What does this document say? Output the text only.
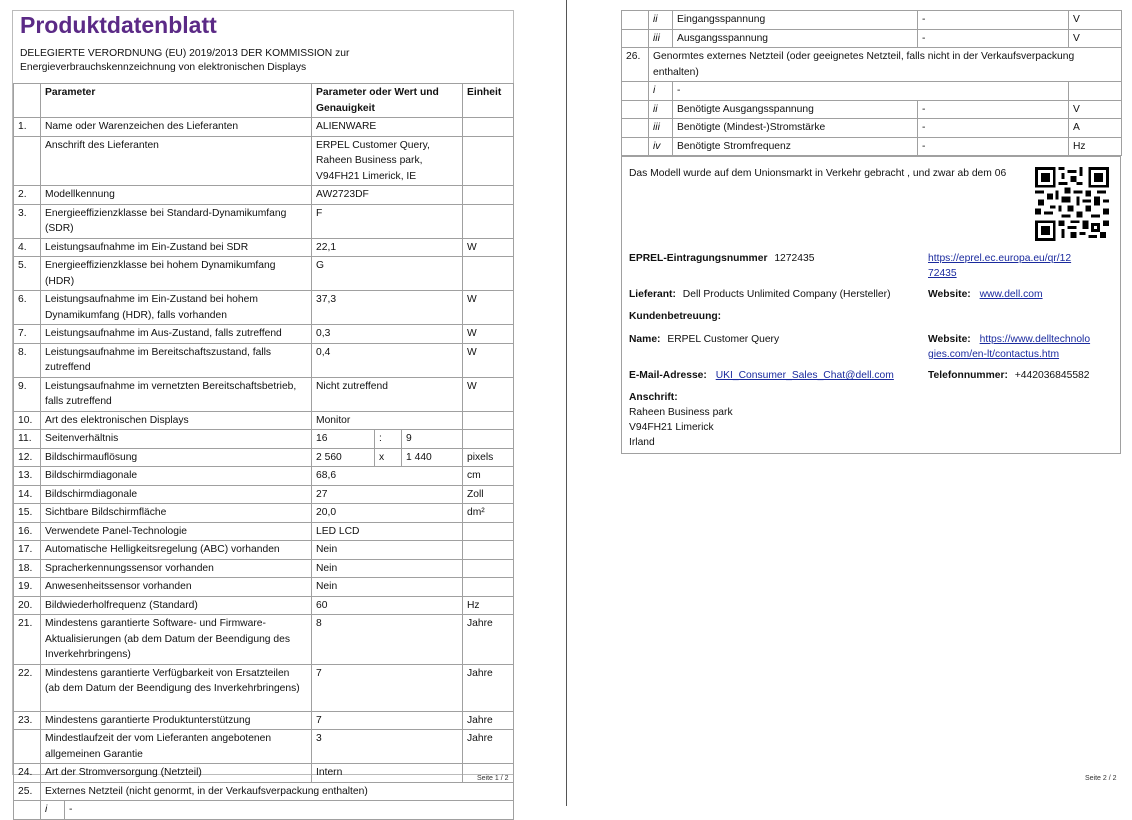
Produktdatenblatt
DELEGIERTE VERORDNUNG (EU) 2019/2013 DER KOMMISSION zur Energieverbrauchskennzeichnung von elektronischen Displays
	Parameter		Parameter oder Wert und Genauigkeit			Einheit
1.	Name oder Warenzeichen des Lieferanten		ALIENWARE			
	Anschrift des Lieferanten		ERPEL Customer Query, Raheen Business park, V94FH21 Limerick, IE			
2.	Modellkennung		AW2723DF			
3.	Energieeffizienzklasse bei Standard-Dynamikumfang (SDR)		F			
4.	Leistungsaufnahme im Ein-Zustand bei SDR		22,1			W
5.	Energieeffizienzklasse bei hohem Dynamikumfang (HDR)		G			
6.	Leistungsaufnahme im Ein-Zustand bei hohem Dynamikumfang (HDR), falls vorhanden		37,3			W
7.	Leistungsaufnahme im Aus-Zustand, falls zutreffend		0,3			W
8.	Leistungsaufnahme im Bereitschaftszustand, falls zutreffend		0,4			W
9.	Leistungsaufnahme im vernetzten Bereitschaftsbetrieb, falls zutreffend		Nicht zutreffend			W
10.	Art des elektronischen Displays		Monitor			
11.	Seitenverhältnis		16	:	9	
12.	Bildschirmauflösung		2 560	x	1 440	pixels
13.	Bildschirmdiagonale		68,6			cm
14.	Bildschirmdiagonale		27			Zoll
15.	Sichtbare Bildschirmfläche		20,0			dm²
16.	Verwendete Panel-Technologie		LED LCD			
17.	Automatische Helligkeitsregelung (ABC) vorhanden		Nein			
18.	Spracherkennungssensor vorhanden		Nein			
19.	Anwesenheitssensor vorhanden		Nein			
20.	Bildwiederholfrequenz (Standard)		60			Hz
21.	Mindestens garantierte Software- und Firmware-Aktualisierungen (ab dem Datum der Beendigung des Inverkehrbringens)		8			Jahre
22.	Mindestens garantierte Verfügbarkeit von Ersatzteilen (ab dem Datum der Beendigung des Inverkehrbringens)		7			Jahre
23.	Mindestens garantierte Produktunterstützung		7			Jahre
	Mindestlaufzeit der vom Lieferanten angebotenen allgemeinen Garantie		3			Jahre
24.	Art der Stromversorgung (Netzteil)		Intern			
25.	Externes Netzteil (nicht genormt, in der Verkaufsverpackung enthalten)					
	i	-				
Seite 1 / 2
	ii	Eingangsspannung	-	V
	iii	Ausgangsspannung	-	V
26.	Genormtes externes Netzteil (oder geeignetes Netzteil, falls nicht in der Verkaufsverpackung enthalten)			
	i	-		
	ii	Benötigte Ausgangsspannung	-	V
	iii	Benötigte (Mindest-)Stromstärke	-	A
	iv	Benötigte Stromfrequenz	-	Hz
Das Modell wurde auf dem Unionsmarkt in Verkehr gebracht , und zwar ab dem 06
EPREL-Eintragungsnummer 1272435	https://eprel.ec.europa.eu/qr/12
72435
Lieferant: Dell Products Unlimited Company (Hersteller)	Website: www.dell.com
Kundenbetreuung:
Name: ERPEL Customer Query	Website: https://www.delltechnolo
gies.com/en-lt/contactus.htm
E-Mail-Adresse: UKI_Consumer_Sales_Chat@dell.com	Telefonnummer: +442036845582
Anschrift:
Raheen Business park
V94FH21 Limerick
Irland
Seite 2 / 2
